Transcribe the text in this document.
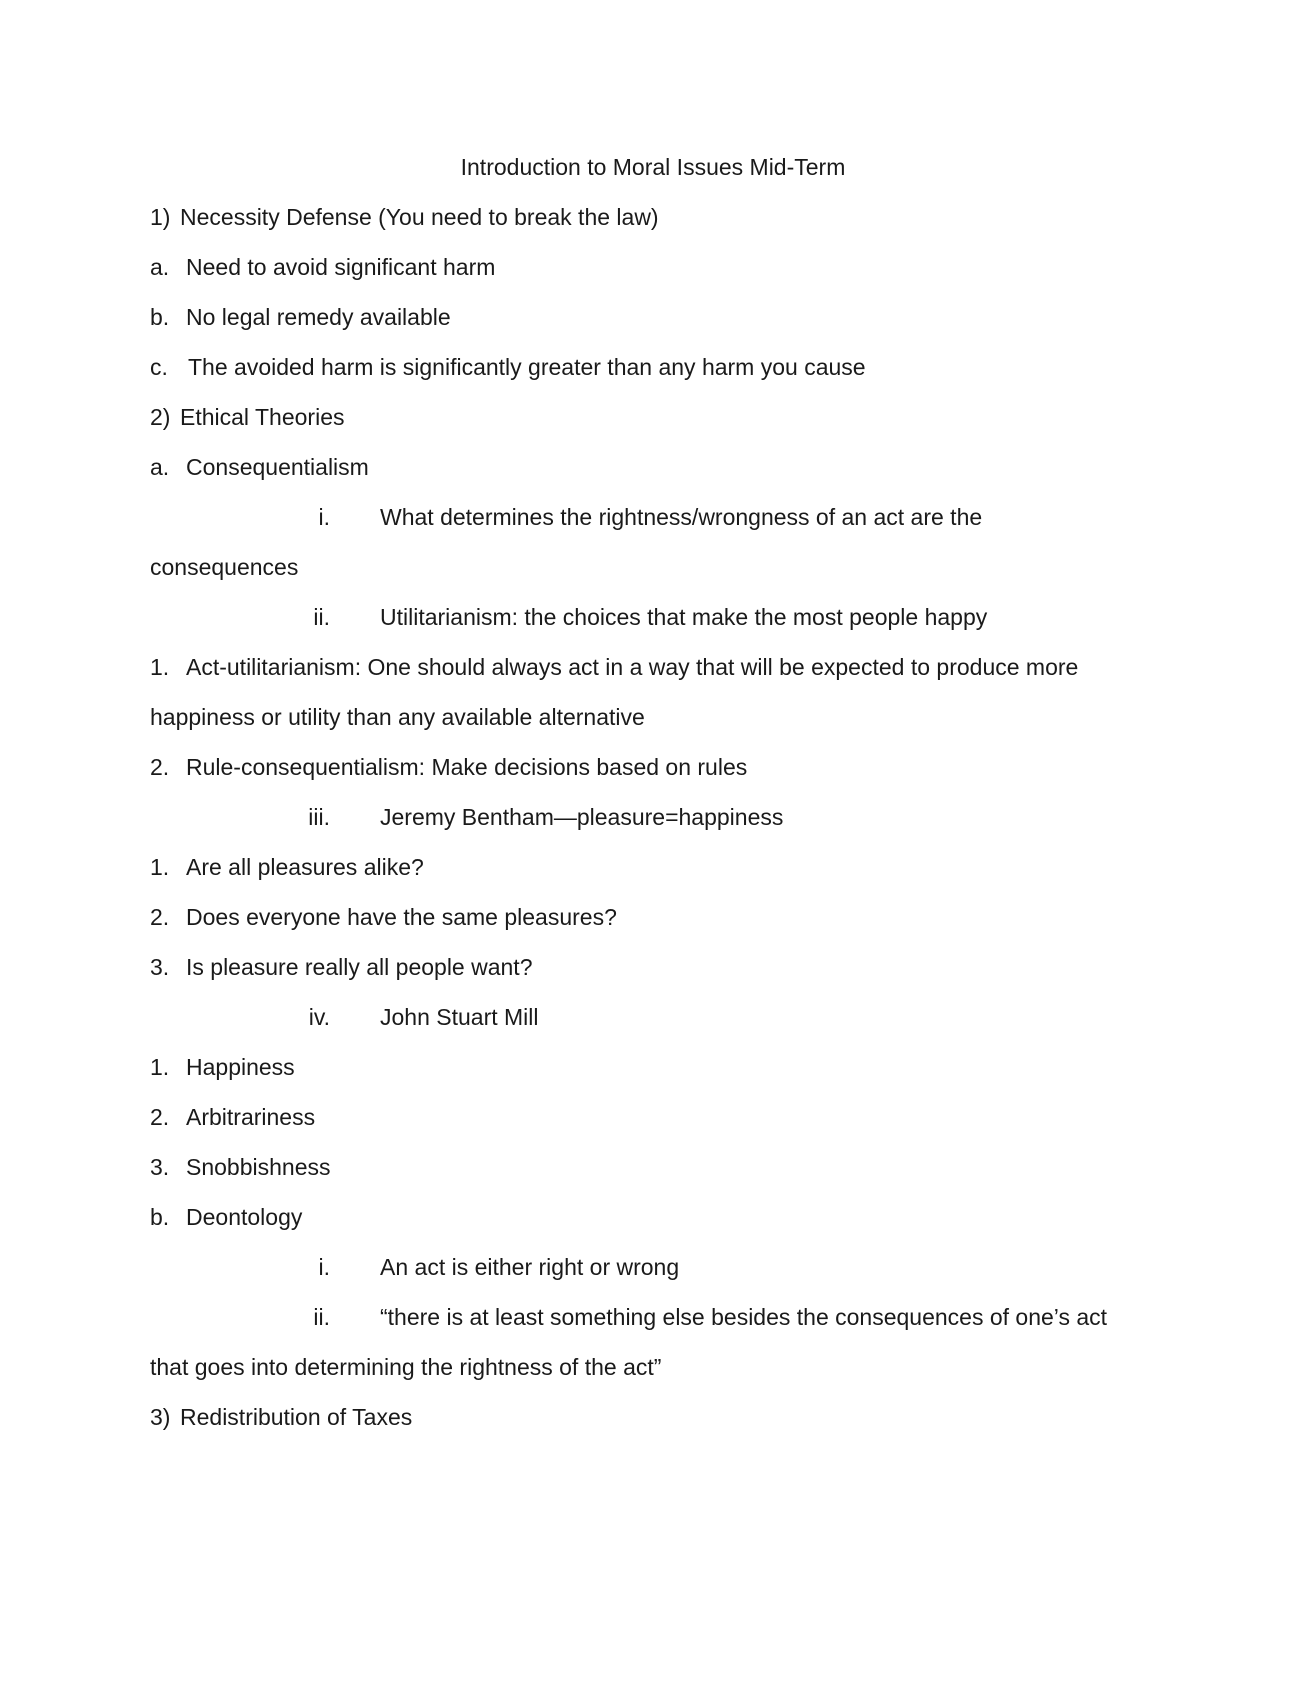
Introduction to Moral Issues Mid-Term
1) Necessity Defense (You need to break the law)
a. Need to avoid significant harm
b. No legal remedy available
c. The avoided harm is significantly greater than any harm you cause
2) Ethical Theories
a. Consequentialism
i. What determines the rightness/wrongness of an act are the
consequences
ii. Utilitarianism: the choices that make the most people happy
1. Act-utilitarianism: One should always act in a way that will be expected to produce more
happiness or utility than any available alternative
2. Rule-consequentialism: Make decisions based on rules
iii. Jeremy Bentham—pleasure=happiness
1. Are all pleasures alike?
2. Does everyone have the same pleasures?
3. Is pleasure really all people want?
iv. John Stuart Mill
1. Happiness
2. Arbitrariness
3. Snobbishness
b. Deontology
i. An act is either right or wrong
ii. “there is at least something else besides the consequences of one’s act
that goes into determining the rightness of the act”
3) Redistribution of Taxes
